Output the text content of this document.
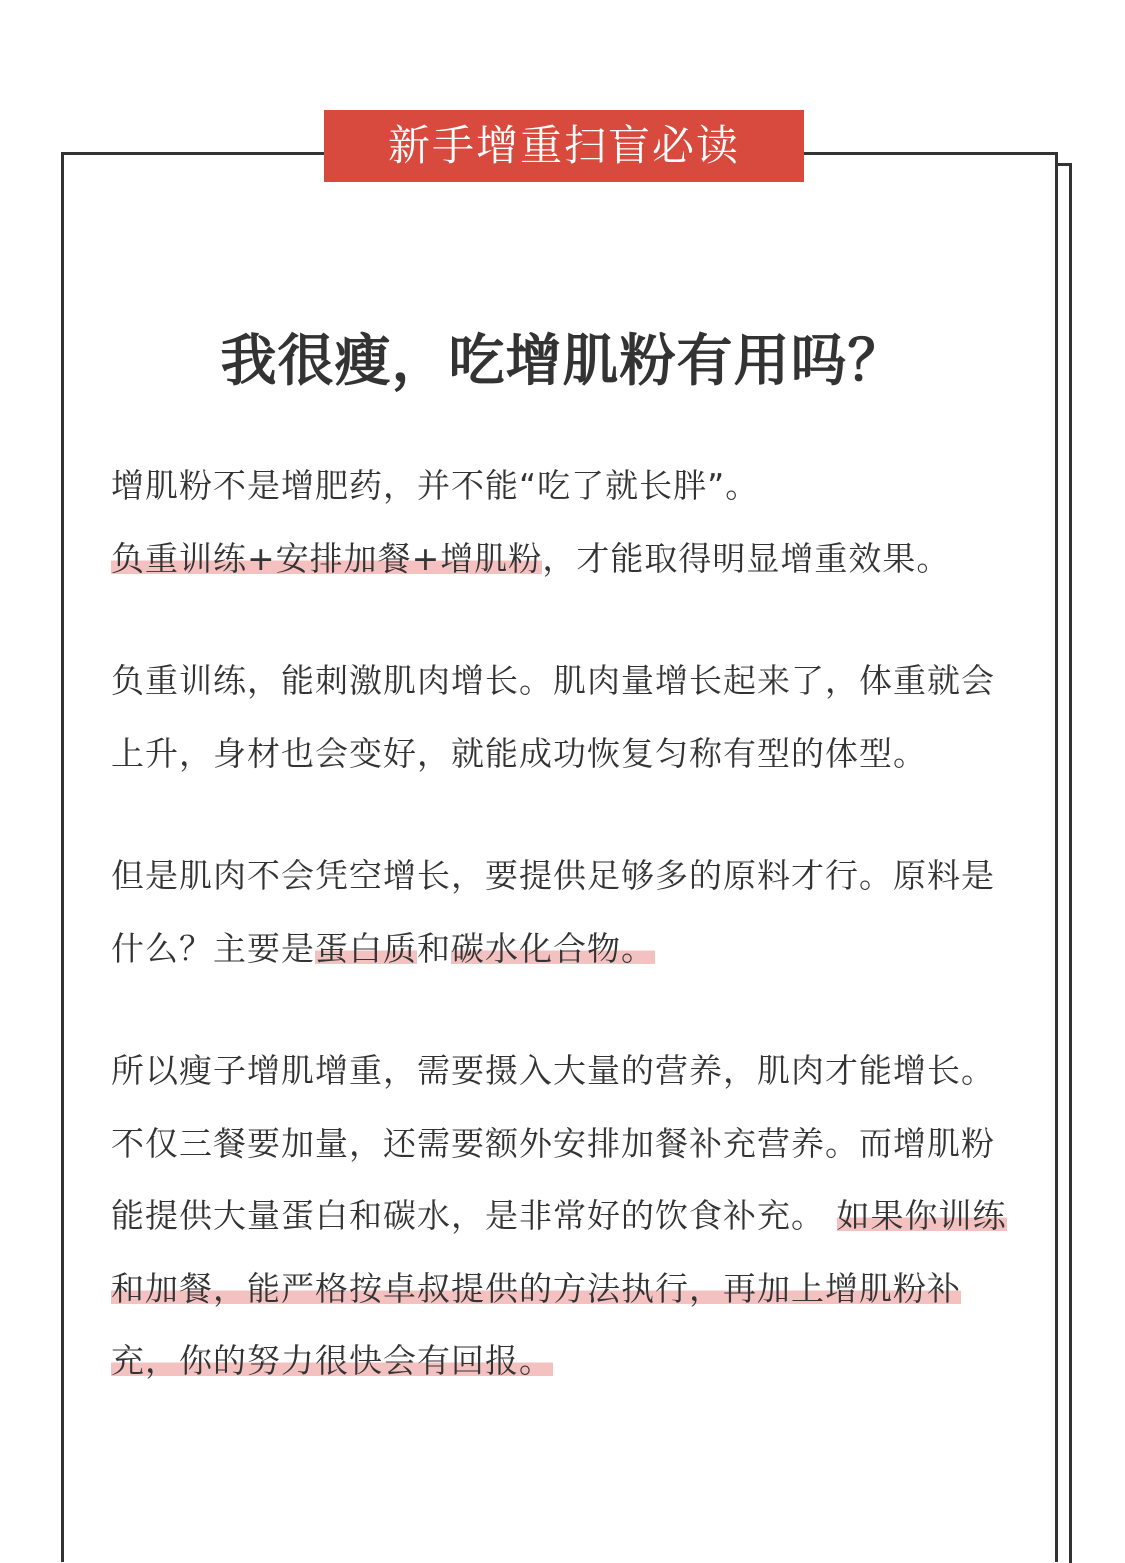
新手增重扫盲必读
我很瘦，吃增肌粉有用吗？

增肌粉不是增肥药，并不能“吃了就长胖”。
负重训练+安排加餐+增肌粉，才能取得明显增重效果。

负重训练，能刺激肌肉增长。肌肉量增长起来了，体重就会上升，身材也会变好，就能成功恢复匀称有型的体型。

但是肌肉不会凭空增长，要提供足够多的原料才行。原料是什么？主要是蛋白质和碳水化合物。

所以瘦子增肌增重，需要摄入大量的营养，肌肉才能增长。不仅三餐要加量，还需要额外安排加餐补充营养。而增肌粉能提供大量蛋白和碳水，是非常好的饮食补充。 如果你训练和加餐，能严格按卓叔提供的方法执行，再加上增肌粉补充，你的努力很快会有回报。
